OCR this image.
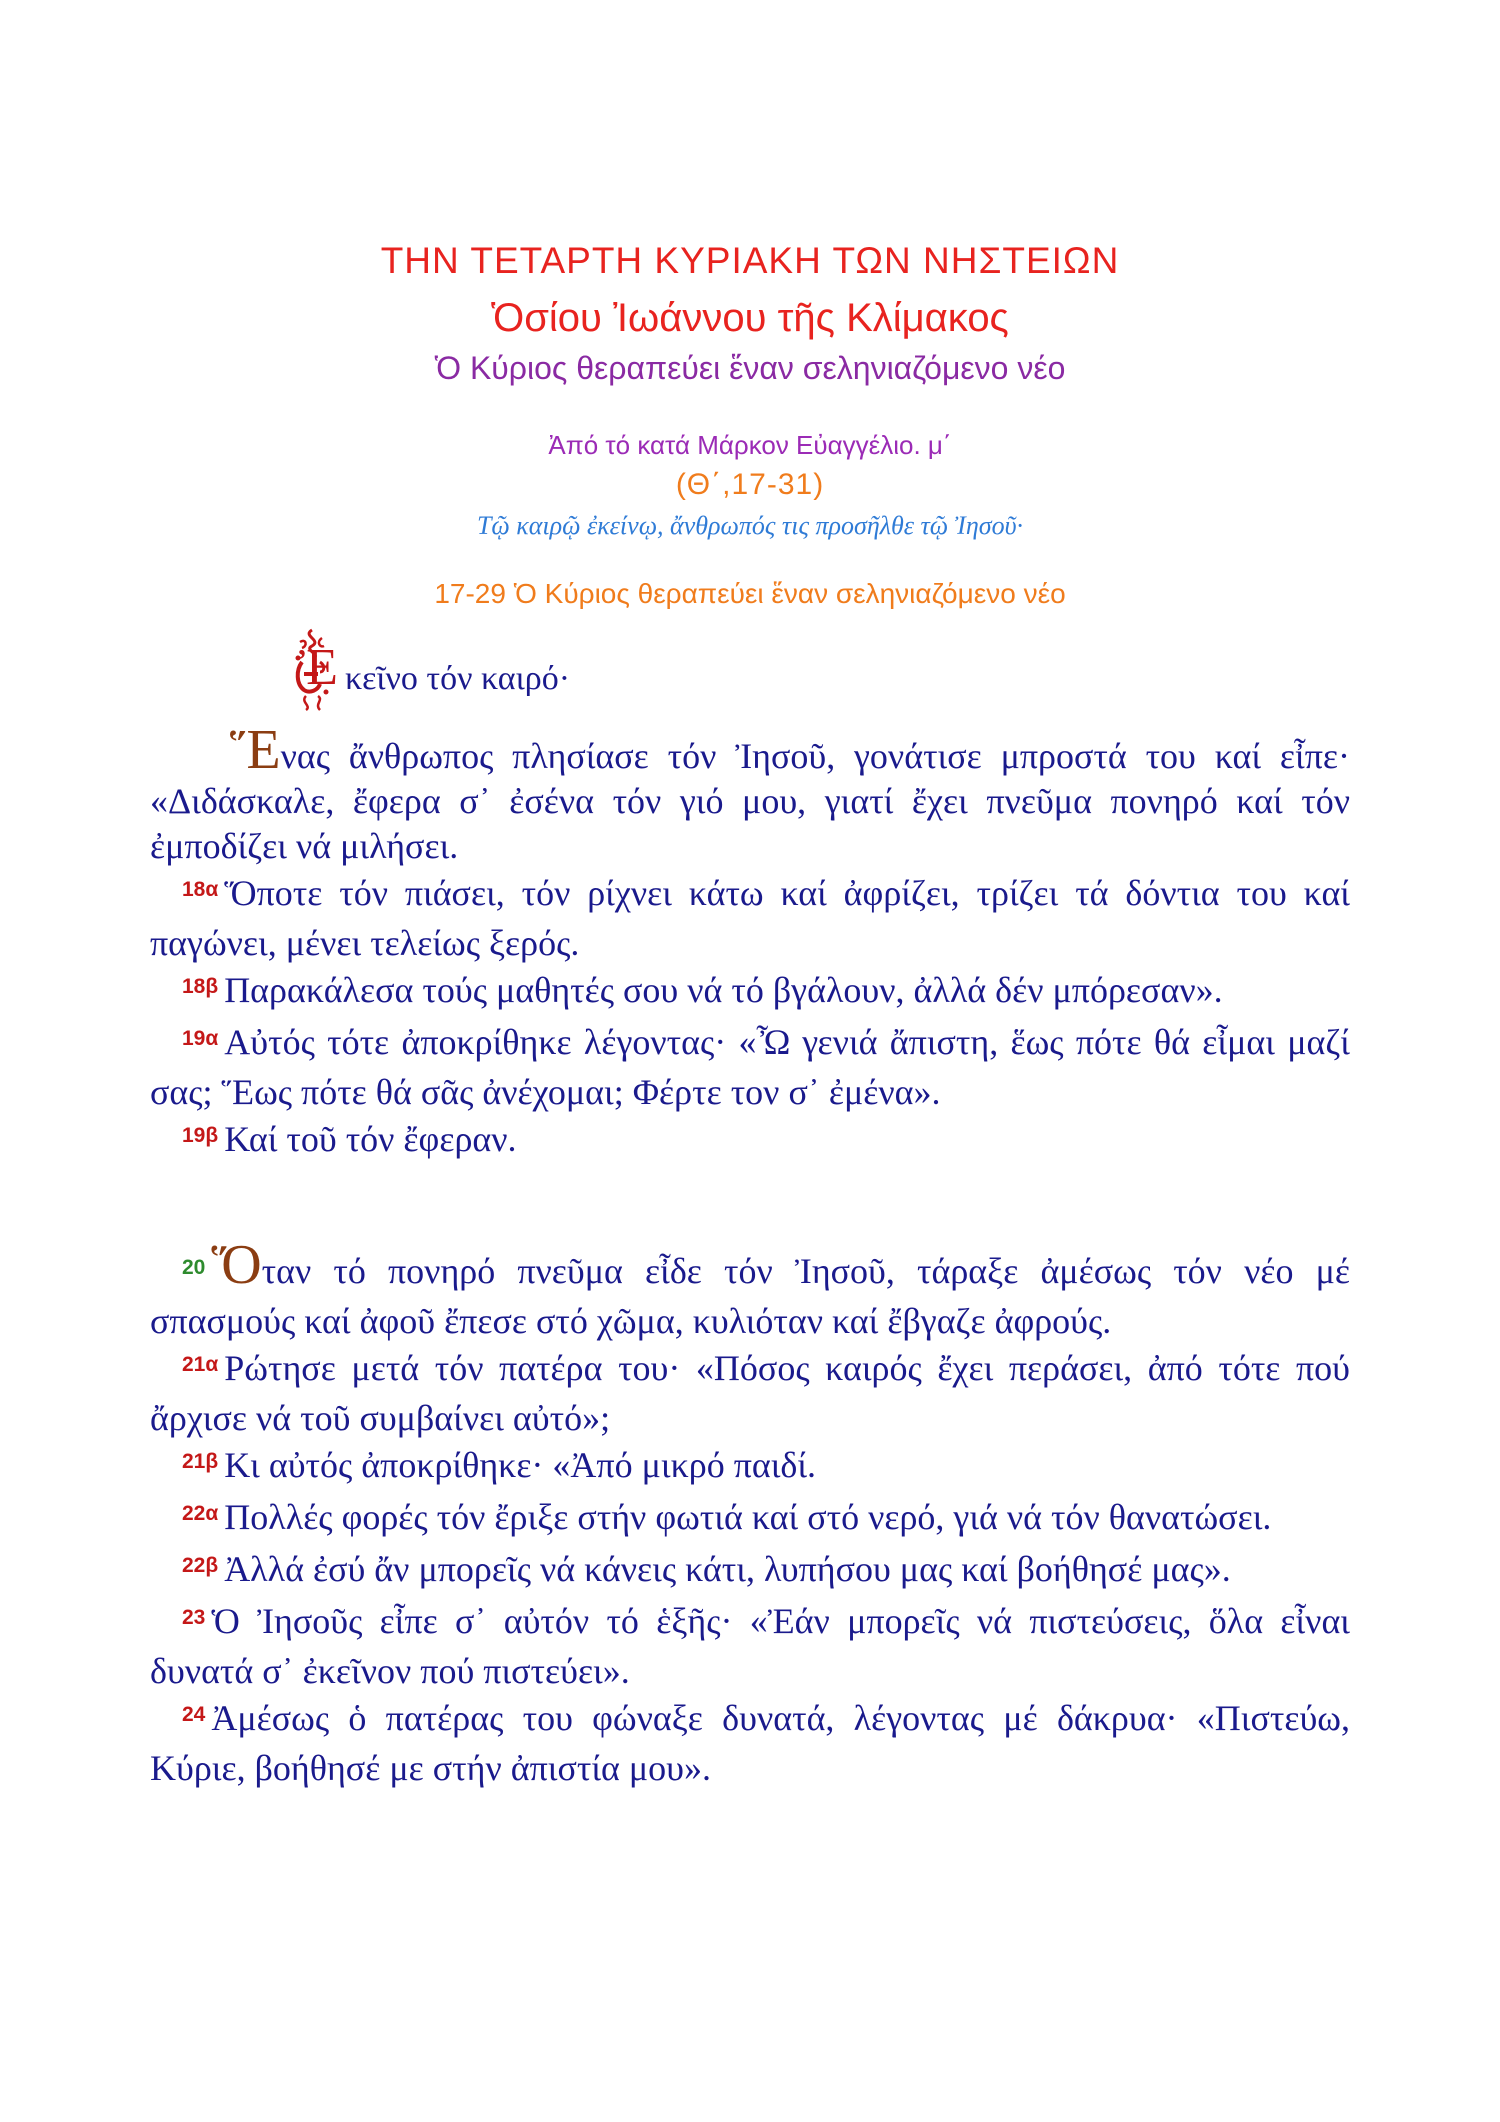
ΤΗΝ ΤΕΤΑΡΤΗ ΚΥΡΙΑΚΗ ΤΩΝ ΝΗΣΤΕΙΩΝ
Ὁσίου Ἰωάννου τῆς Κλίμακος
Ὁ Κύριος θεραπεύει ἕναν σεληνιαζόμενο νέο
Ἀπό τό κατά Μάρκον Εὐαγγέλιο. μ΄
(Θ΄,17-31)
Τῷ καιρῷ ἐκείνῳ, ἄνθρωπός τις προσῆλθε τῷ Ἰησοῦ·
17-29 Ὁ Κύριος θεραπεύει ἕναν σεληνιαζόμενο νέο
κεῖνο τόν καιρό·
Ἐ

Ἕνας ἄνθρωπος πλησίασε τόν Ἰησοῦ, γονάτισε μπροστά του καί εἶπε· «Διδάσκαλε, ἔφερα σ᾽ ἐσένα τόν γιό μου, γιατί ἔχει πνεῦμα πονηρό καί τόν ἐμποδίζει νά μιλήσει.

$^{18\alpha}$ Ὅποτε τόν πιάσει, τόν ρίχνει κάτω καί ἀφρίζει, τρίζει τά δόντια του καί παγώνει, μένει τελείως ξερός.

$^{18\beta}$ Παρακάλεσα τούς μαθητές σου νά τό βγάλουν, ἀλλά δέν μπόρεσαν».

$^{19\alpha}$ Αὐτός τότε ἀποκρίθηκε λέγοντας· «Ὦ γενιά ἄπιστη, ἕως πότε θά εἶμαι μαζί σας; Ἕως πότε θά σᾶς ἀνέχομαι; Φέρτε τον σ᾽ ἐμένα».

$^{19\beta}$ Καί τοῦ τόν ἔφεραν.

$^{20}$ Ὅταν τό πονηρό πνεῦμα εἶδε τόν Ἰησοῦ, τάραξε ἀμέσως τόν νέο μέ σπασμούς καί ἀφοῦ ἔπεσε στό χῶμα, κυλιόταν καί ἔβγαζε ἀφρούς.

$^{21\alpha}$ Ρώτησε μετά τόν πατέρα του· «Πόσος καιρός ἔχει περάσει, ἀπό τότε πού ἄρχισε νά τοῦ συμβαίνει αὐτό»;

$^{21\beta}$ Κι αὐτός ἀποκρίθηκε· «Ἀπό μικρό παιδί.

$^{22\alpha}$ Πολλές φορές τόν ἔριξε στήν φωτιά καί στό νερό, γιά νά τόν θανατώσει.

$^{22\beta}$ Ἀλλά ἐσύ ἄν μπορεῖς νά κάνεις κάτι, λυπήσου μας καί βοήθησέ μας».

$^{23}$ Ὁ Ἰησοῦς εἶπε σ᾽ αὐτόν τό ἑξῆς· «Ἐάν μπορεῖς νά πιστεύσεις, ὅλα εἶναι δυνατά σ᾽ ἐκεῖνον πού πιστεύει».

$^{24}$ Ἀμέσως ὁ πατέρας του φώναξε δυνατά, λέγοντας μέ δάκρυα· «Πιστεύω, Κύριε, βοήθησέ με στήν ἀπιστία μου».
